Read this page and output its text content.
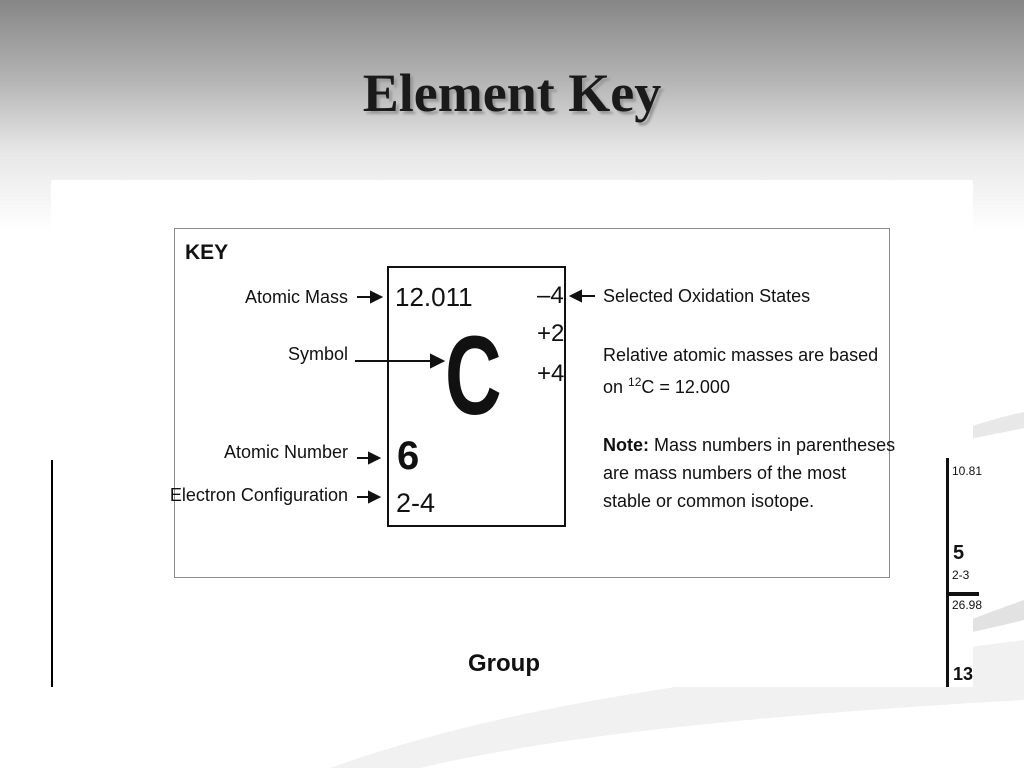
Element Key
KEY
Atomic Mass
Symbol
Atomic Number
Electron Configuration
Selected Oxidation States
12.011
C
–4
+2
+4
6
2-4
Relative atomic masses are based
on $^{12}$C = 12.000
Note: Mass numbers in parentheses
are mass numbers of the most
stable or common isotope.
Group
10.81
5
2-3
26.98
13
